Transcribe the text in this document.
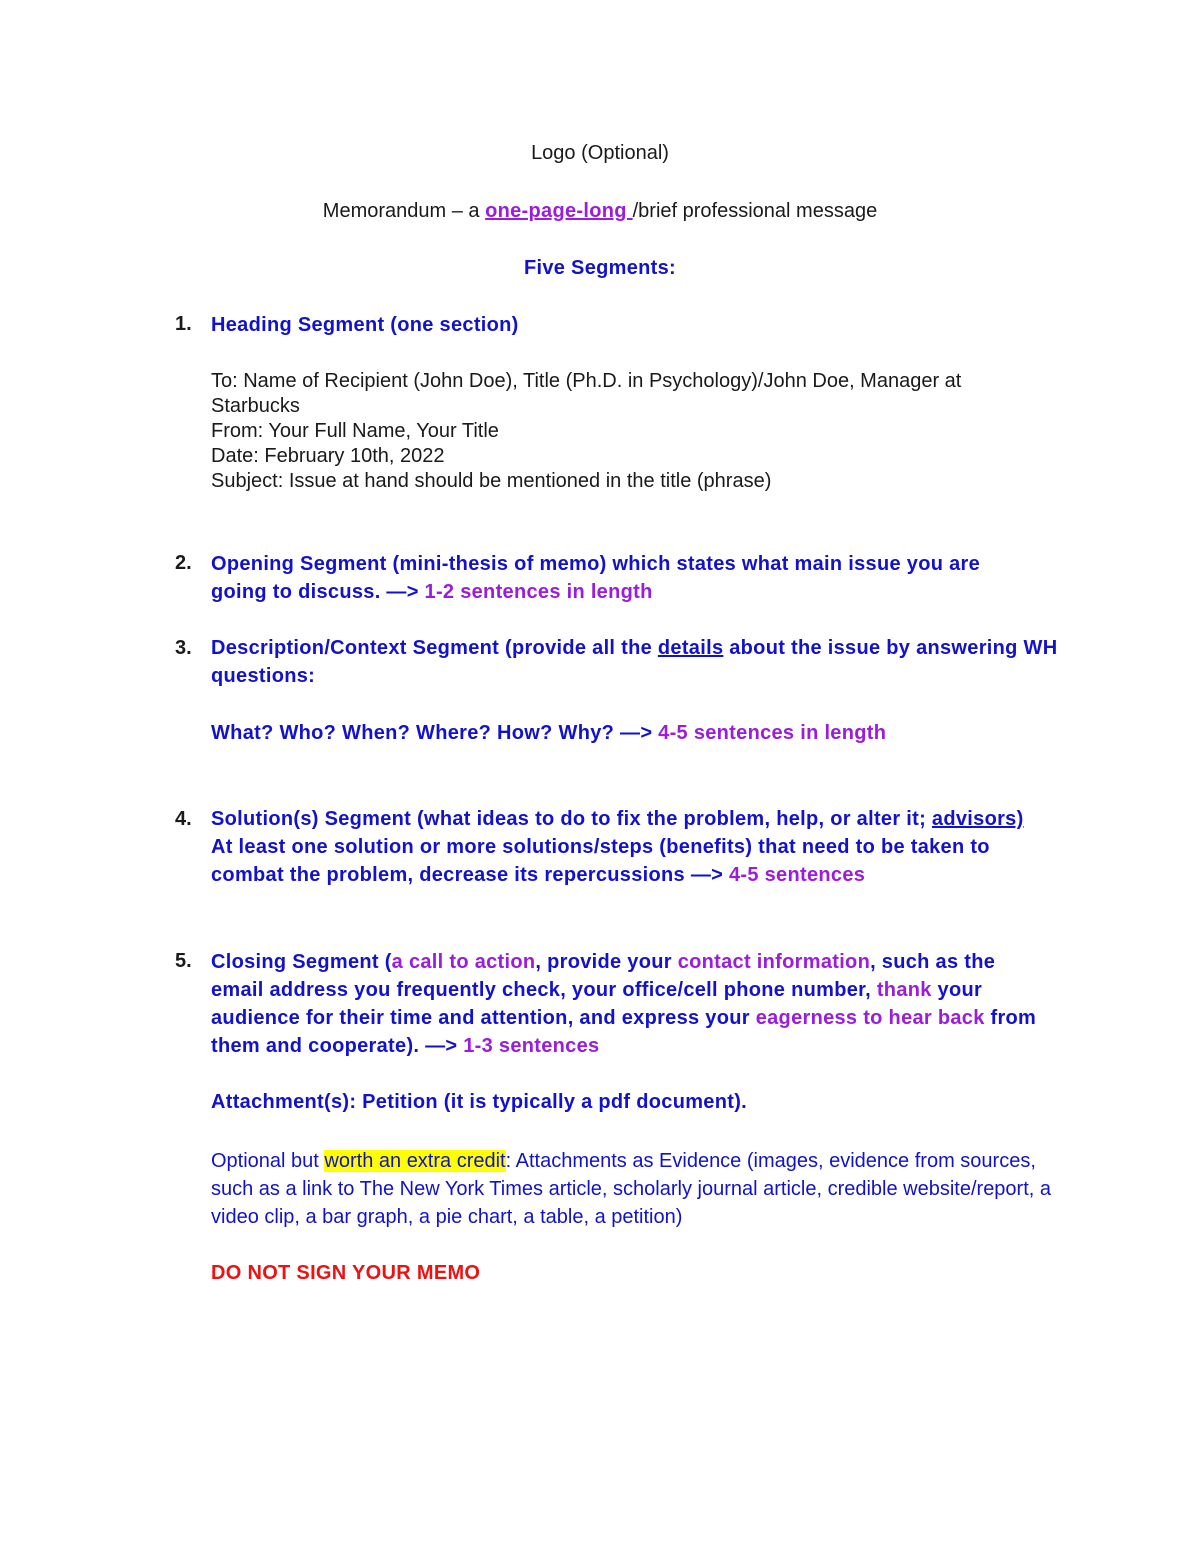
Logo (Optional)
Memorandum – a one-page-long /brief professional message
Five Segments:
1. Heading Segment (one section)
To: Name of Recipient (John Doe), Title (Ph.D. in Psychology)/John Doe, Manager at Starbucks
From: Your Full Name, Your Title
Date: February 10th, 2022
Subject: Issue at hand should be mentioned in the title (phrase)
2. Opening Segment (mini-thesis of memo) which states what main issue you are going to discuss. —> 1-2 sentences in length
3. Description/Context Segment (provide all the details about the issue by answering WH questions:
What? Who? When? Where? How? Why? —> 4-5 sentences in length
4. Solution(s) Segment (what ideas to do to fix the problem, help, or alter it; advisors)
At least one solution or more solutions/steps (benefits) that need to be taken to combat the problem, decrease its repercussions —> 4-5 sentences
5. Closing Segment (a call to action, provide your contact information, such as the email address you frequently check, your office/cell phone number, thank your audience for their time and attention, and express your eagerness to hear back from them and cooperate). —> 1-3 sentences
Attachment(s): Petition (it is typically a pdf document).
Optional but worth an extra credit: Attachments as Evidence (images, evidence from sources, such as a link to The New York Times article, scholarly journal article, credible website/report, a video clip, a bar graph, a pie chart, a table, a petition)
DO NOT SIGN YOUR MEMO
